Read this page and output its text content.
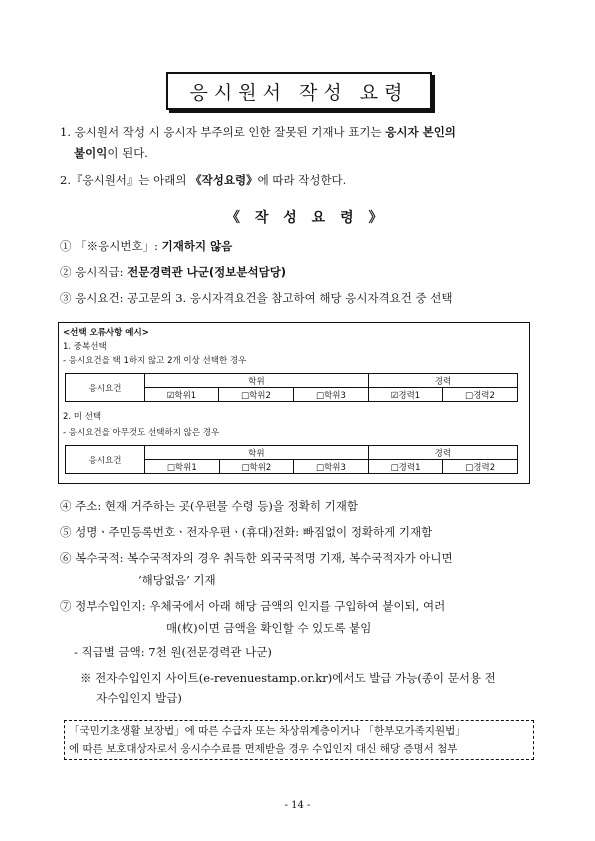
응시원서 작성 요령
1. 응시원서 작성 시 응시자 부주의로 인한 잘못된 기재나 표기는 응시자 본인의
불이익이 된다.
2.『응시원서』는 아래의 《작성요령》에 따라 작성한다.
《 작 성 요 령 》
① 「※응시번호」: 기재하지 않음
② 응시직급: 전문경력관 나군(정보분석담당)
③ 응시요건: 공고문의 3. 응시자격요건을 참고하여 해당 응시자격요건 중 선택
<선택 오류사항 예시>
1. 중복선택
- 응시요건을 택 1하지 않고 2개 이상 선택한 경우
응시요건	학위			경력	
	☑학위1	□학위2	□학위3	☑경력1	□경력2
2. 미 선택
- 응시요건을 아무것도 선택하지 않은 경우
응시요건	학위			경력	
	□학위1	□학위2	□학위3	□경력1	□경력2
④ 주소: 현재 거주하는 곳(우편물 수령 등)을 정확히 기재함
⑤ 성명ㆍ주민등록번호ㆍ전자우편ㆍ(휴대)전화: 빠짐없이 정확하게 기재함
⑥ 복수국적: 복수국적자의 경우 취득한 외국국적명 기재, 복수국적자가 아니면
‘해당없음’ 기재
⑦ 정부수입인지: 우체국에서 아래 해당 금액의 인지를 구입하여 붙이되, 여러
매(枚)이면 금액을 확인할 수 있도록 붙임
- 직급별 금액: 7천 원(전문경력관 나군)
※ 전자수입인지 사이트(e-revenuestamp.or.kr)에서도 발급 가능(종이 문서용 전
자수입인지 발급)
「국민기초생활 보장법」에 따른 수급자 또는 차상위계층이거나 「한부모가족지원법」
에 따른 보호대상자로서 응시수수료를 면제받을 경우 수입인지 대신 해당 증명서 첨부
- 14 -
